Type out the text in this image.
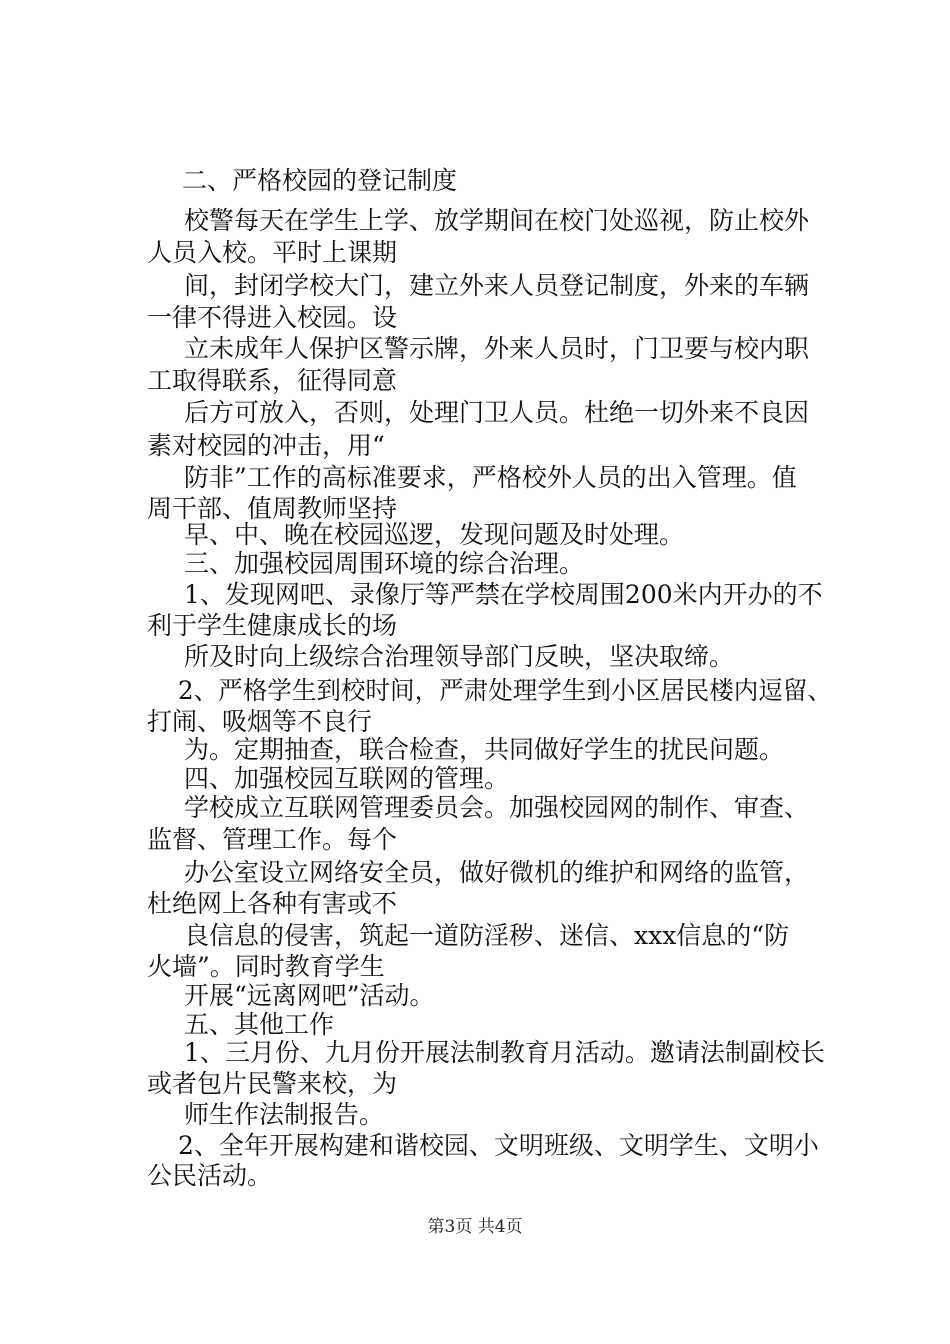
二、严格校园的登记制度
校警每天在学生上学、放学期间在校门处巡视，防止校外
人员入校。平时上课期
间，封闭学校大门，建立外来人员登记制度，外来的车辆
一律不得进入校园。设
立未成年人保护区警示牌，外来人员时，门卫要与校内职
工取得联系，征得同意
后方可放入，否则，处理门卫人员。杜绝一切外来不良因
素对校园的冲击，用“
防非”工作的高标准要求，严格校外人员的出入管理。值
周干部、值周教师坚持
早、中、晚在校园巡逻，发现问题及时处理。
三、加强校园周围环境的综合治理。
1、发现网吧、录像厅等严禁在学校周围200米内开办的不
利于学生健康成长的场
所及时向上级综合治理领导部门反映，坚决取缔。
2、严格学生到校时间，严肃处理学生到小区居民楼内逗留、
打闹、吸烟等不良行
为。定期抽查，联合检查，共同做好学生的扰民问题。
四、加强校园互联网的管理。
学校成立互联网管理委员会。加强校园网的制作、审查、
监督、管理工作。每个
办公室设立网络安全员，做好微机的维护和网络的监管，
杜绝网上各种有害或不
良信息的侵害，筑起一道防淫秽、迷信、xxx信息的“防
火墙”。同时教育学生
开展“远离网吧”活动。
五、其他工作
1、三月份、九月份开展法制教育月活动。邀请法制副校长
或者包片民警来校，为
师生作法制报告。
2、全年开展构建和谐校园、文明班级、文明学生、文明小
公民活动。
第3页 共4页
